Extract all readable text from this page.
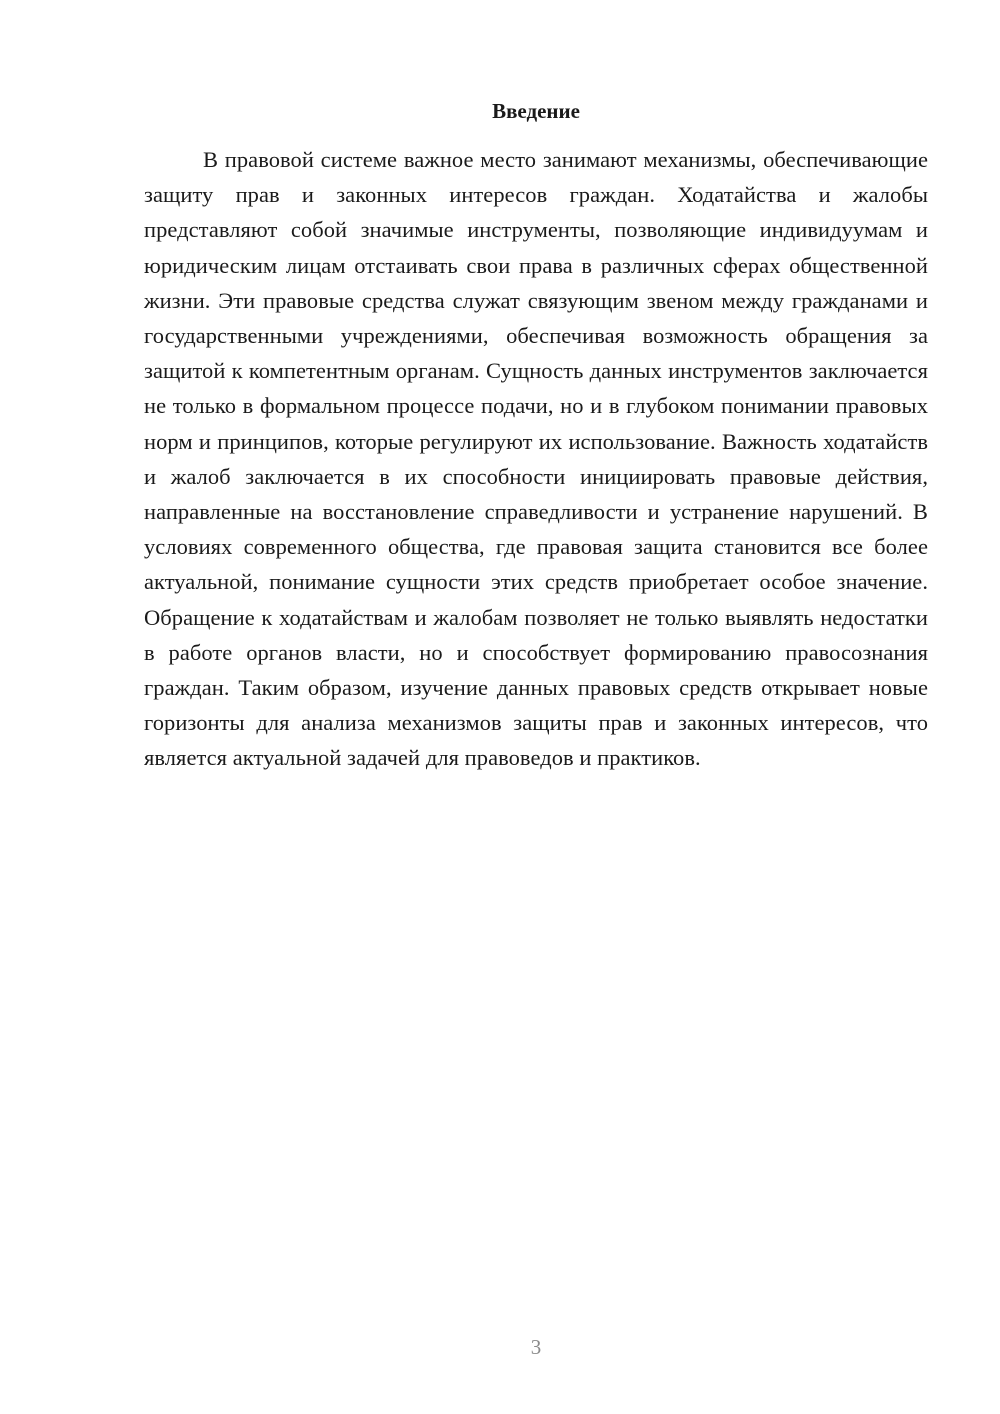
Введение

В правовой системе важное место занимают механизмы, обеспечивающие защиту прав и законных интересов граждан. Ходатайства и жалобы представляют собой значимые инструменты, позволяющие индивидуумам и юридическим лицам отстаивать свои права в различных сферах общественной жизни. Эти правовые средства служат связующим звеном между гражданами и государственными учреждениями, обеспечивая возможность обращения за защитой к компетентным органам. Сущность данных инструментов заключается не только в формальном процессе подачи, но и в глубоком понимании правовых норм и принципов, которые регулируют их использование. Важность ходатайств и жалоб заключается в их способности инициировать правовые действия, направленные на восстановление справедливости и устранение нарушений. В условиях современного общества, где правовая защита становится все более актуальной, понимание сущности этих средств приобретает особое значение. Обращение к ходатайствам и жалобам позволяет не только выявлять недостатки в работе органов власти, но и способствует формированию правосознания граждан. Таким образом, изучение данных правовых средств открывает новые горизонты для анализа механизмов защиты прав и законных интересов, что является актуальной задачей для правоведов и практиков.

3
